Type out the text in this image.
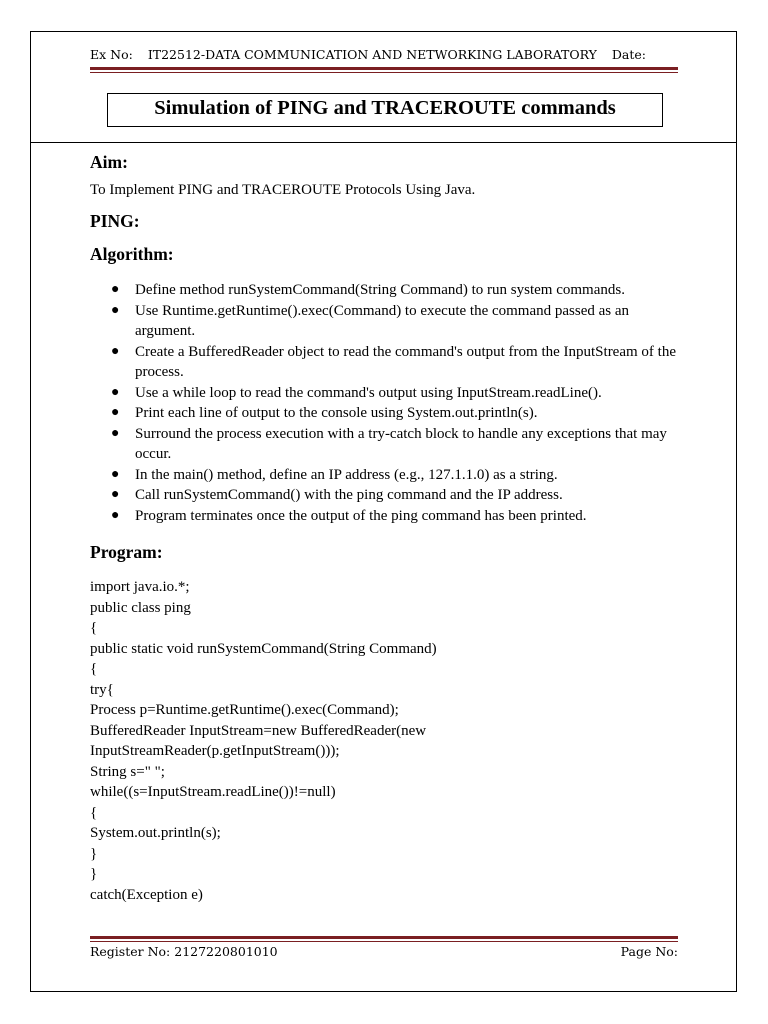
Ex No: IT22512-DATA COMMUNICATION AND NETWORKING LABORATORY Date:
Simulation of PING and TRACEROUTE commands

Aim:

To Implement PING and TRACEROUTE Protocols Using Java.

PING:

Algorithm:

● Define method runSystemCommand(String Command) to run system commands.
● Use Runtime.getRuntime().exec(Command) to execute the command passed as an argument.
● Create a BufferedReader object to read the command's output from the InputStream of the process.
● Use a while loop to read the command's output using InputStream.readLine().
● Print each line of output to the console using System.out.println(s).
● Surround the process execution with a try-catch block to handle any exceptions that may occur.
● In the main() method, define an IP address (e.g., 127.1.1.0) as a string.
● Call runSystemCommand() with the ping command and the IP address.
● Program terminates once the output of the ping command has been printed.

Program:

import java.io.*;
public class ping
{
public static void runSystemCommand(String Command)
{
try{
Process p=Runtime.getRuntime().exec(Command);
BufferedReader InputStream=new BufferedReader(new
InputStreamReader(p.getInputStream()));
String s=" ";
while((s=InputStream.readLine())!=null)
{
System.out.println(s);
}
}
catch(Exception e)
Register No: 2127220801010	Page No:
